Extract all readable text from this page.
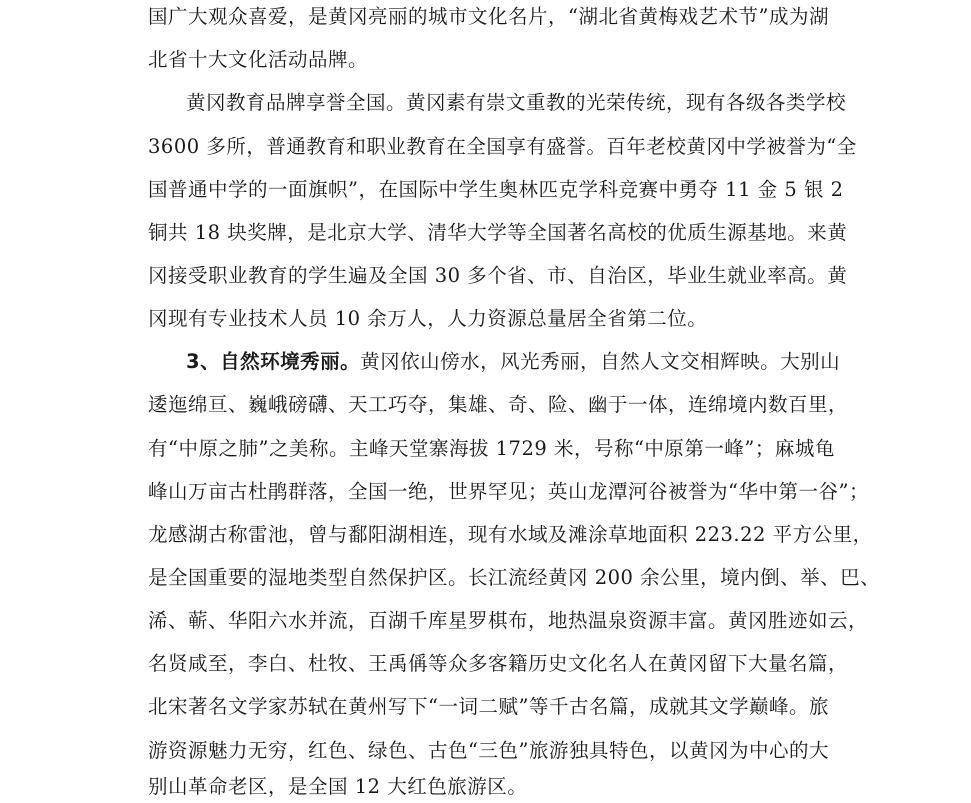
国广大观众喜爱，是黄冈亮丽的城市文化名片，“湖北省黄梅戏艺术节”成为湖
北省十大文化活动品牌。
黄冈教育品牌享誉全国。黄冈素有崇文重教的光荣传统，现有各级各类学校
3600 多所，普通教育和职业教育在全国享有盛誉。百年老校黄冈中学被誉为“全
国普通中学的一面旗帜”，在国际中学生奥林匹克学科竞赛中勇夺 11 金 5 银 2
铜共 18 块奖牌，是北京大学、清华大学等全国著名高校的优质生源基地。来黄
冈接受职业教育的学生遍及全国 30 多个省、市、自治区，毕业生就业率高。黄
冈现有专业技术人员 10 余万人，人力资源总量居全省第二位。
3、自然环境秀丽。黄冈依山傍水，风光秀丽，自然人文交相辉映。大别山
逶迤绵亘、巍峨磅礴、天工巧夺，集雄、奇、险、幽于一体，连绵境内数百里，
有“中原之肺”之美称。主峰天堂寨海拔 1729 米，号称“中原第一峰”；麻城龟
峰山万亩古杜鹃群落，全国一绝，世界罕见；英山龙潭河谷被誉为“华中第一谷”；
龙感湖古称雷池，曾与鄱阳湖相连，现有水域及滩涂草地面积 223.22 平方公里，
是全国重要的湿地类型自然保护区。长江流经黄冈 200 余公里，境内倒、举、巴、
浠、蕲、华阳六水并流，百湖千库星罗棋布，地热温泉资源丰富。黄冈胜迹如云，
名贤咸至，李白、杜牧、王禹偁等众多客籍历史文化名人在黄冈留下大量名篇，
北宋著名文学家苏轼在黄州写下“一词二赋”等千古名篇，成就其文学巅峰。旅
游资源魅力无穷，红色、绿色、古色“三色”旅游独具特色，以黄冈为中心的大
别山革命老区，是全国 12 大红色旅游区。
